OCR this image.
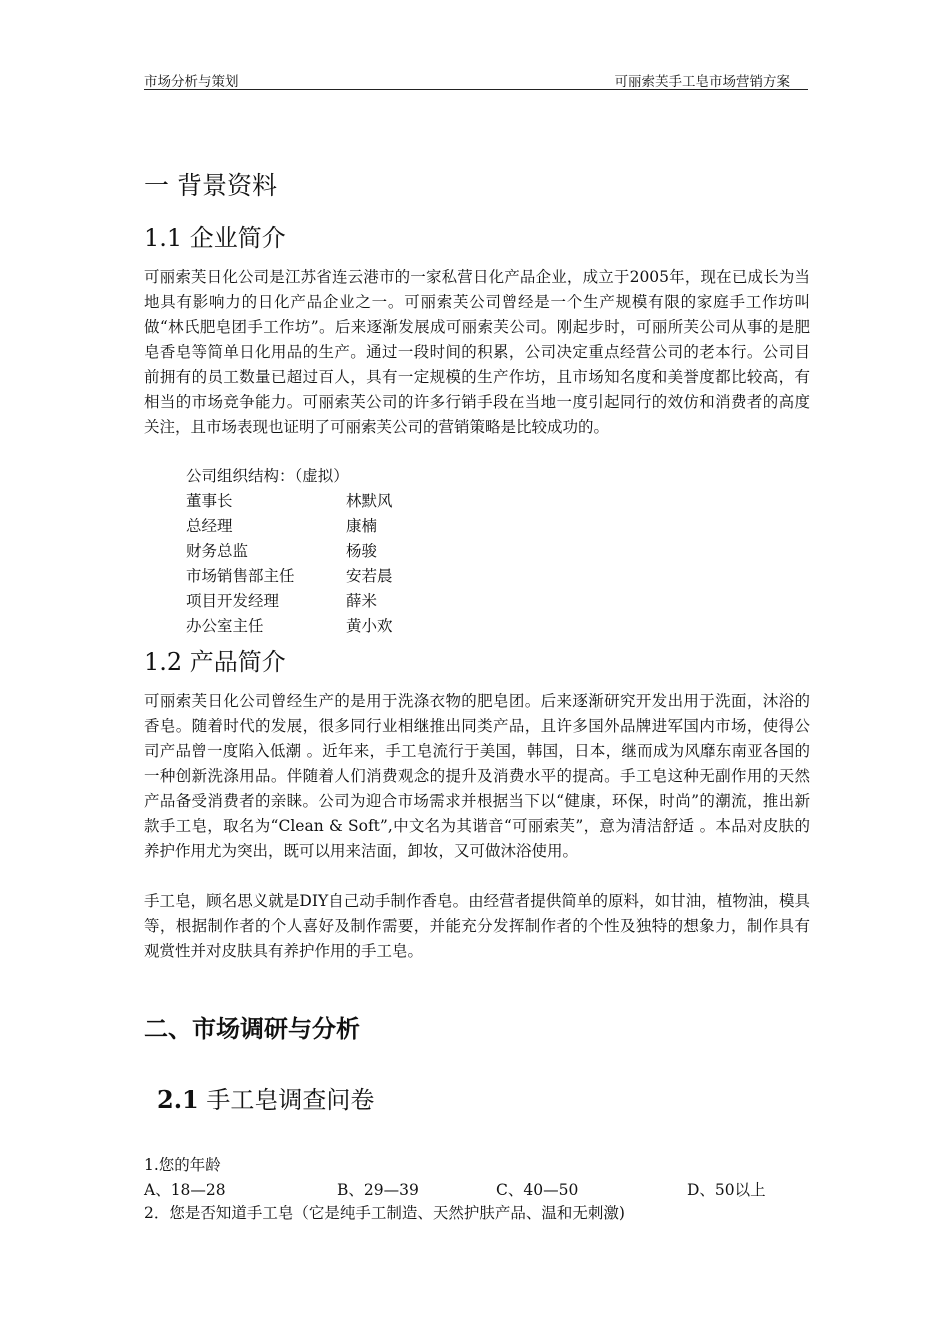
市场分析与策划	可丽索芙手工皂市场营销方案
一 背景资料
1.1 企业简介
可丽索芙日化公司是江苏省连云港市的一家私营日化产品企业，成立于2005年，现在已成长为当地具有影响力的日化产品企业之一。可丽索芙公司曾经是一个生产规模有限的家庭手工作坊叫做“林氏肥皂团手工作坊”。后来逐渐发展成可丽索芙公司。刚起步时，可丽所芙公司从事的是肥皂香皂等简单日化用品的生产。通过一段时间的积累，公司决定重点经营公司的老本行。公司目前拥有的员工数量已超过百人，具有一定规模的生产作坊，且市场知名度和美誉度都比较高，有相当的市场竞争能力。可丽索芙公司的许多行销手段在当地一度引起同行的效仿和消费者的高度关注，且市场表现也证明了可丽索芙公司的营销策略是比较成功的。
公司组织结构：（虚拟）
董事长	林默风
总经理	康楠
财务总监	杨骏
市场销售部主任	安若晨
项目开发经理	薛米
办公室主任	黄小欢
1.2 产品简介
可丽索芙日化公司曾经生产的是用于洗涤衣物的肥皂团。后来逐渐研究开发出用于洗面，沐浴的香皂。随着时代的发展，很多同行业相继推出同类产品，且许多国外品牌进军国内市场，使得公司产品曾一度陷入低潮 。近年来，手工皂流行于美国，韩国，日本，继而成为风靡东南亚各国的一种创新洗涤用品。伴随着人们消费观念的提升及消费水平的提高。手工皂这种无副作用的天然产品备受消费者的亲睐。公司为迎合市场需求并根据当下以“健康，环保，时尚”的潮流，推出新款手工皂，取名为“Clean & Soft”,中文名为其谐音“可丽索芙”，意为清洁舒适 。本品对皮肤的养护作用尤为突出，既可以用来洁面，卸妆，又可做沐浴使用。
手工皂，顾名思义就是DIY自己动手制作香皂。由经营者提供简单的原料，如甘油，植物油，模具等，根据制作者的个人喜好及制作需要，并能充分发挥制作者的个性及独特的想象力，制作具有观赏性并对皮肤具有养护作用的手工皂。
二、市场调研与分析
2.1 手工皂调查问卷
1.您的年龄
A、18—28	B、29—39	C、40—50	D、50以上
2．您是否知道手工皂（它是纯手工制造、天然护肤产品、温和无刺激)
